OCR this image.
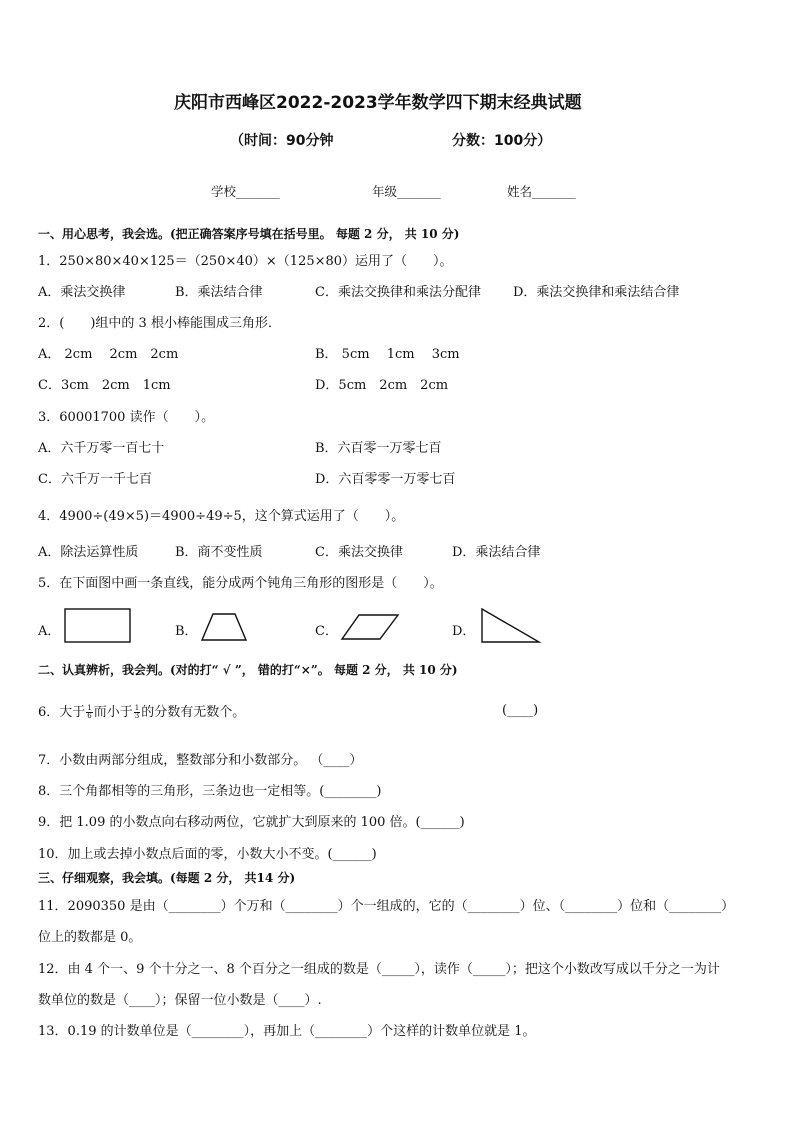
庆阳市西峰区2022-2023学年数学四下期末经典试题
（时间：90分钟	分数：100分）
学校_______	年级_______	姓名_______
一、用心思考，我会选。(把正确答案序号填在括号里。 每题 2 分， 共 10 分)
1．250×80×40×125＝（250×40）×（125×80）运用了（　　）。
A．乘法交换律	B．乘法结合律	C．乘法交换律和乘法分配律 D．乘法交换律和乘法结合律
2．(　　)组中的 3 根小棒能围成三角形．
A． 2cm　 2cm　2cm	B． 5cm　 1cm　 3cm
C．3cm　2cm　1cm	D．5cm　2cm　2cm
3．60001700 读作（　　）。
A．六千万零一百七十	B．六百零一万零七百
C．六千万一千七百	D．六百零零一万零七百
4．4900÷(49×5)＝4900÷49÷5，这个算式运用了（　　）。
A．除法运算性质	B．商不变性质	C．乘法交换律	D．乘法结合律
5．在下面图中画一条直线，能分成两个钝角三角形的图形是（　　）。
A．	B．	C．	D．
二、认真辨析，我会判。(对的打“ √ ”， 错的打“×”。 每题 2 分， 共 10 分)
6．大于 $\frac{1}{6}$ 而小于 $\frac{1}{3}$ 的分数有无数个。	(____)
7．小数由两部分组成，整数部分和小数部分。 （____）
8．三个角都相等的三角形，三条边也一定相等。(________)
9．把 1.09 的小数点向右移动两位，它就扩大到原来的 100 倍。(______)
10．加上或去掉小数点后面的零，小数大小不变。(______)
三、仔细观察，我会填。(每题 2 分， 共14 分)
11．2090350 是由（________）个万和（________）个一组成的，它的（________）位、（________）位和（________）
位上的数都是 0。
12．由 4 个一、9 个十分之一、8 个百分之一组成的数是（_____），读作（_____）；把这个小数改写成以千分之一为计
数单位的数是（____）；保留一位小数是（____）.
13．0.19 的计数单位是（________），再加上（________）个这样的计数单位就是 1。
